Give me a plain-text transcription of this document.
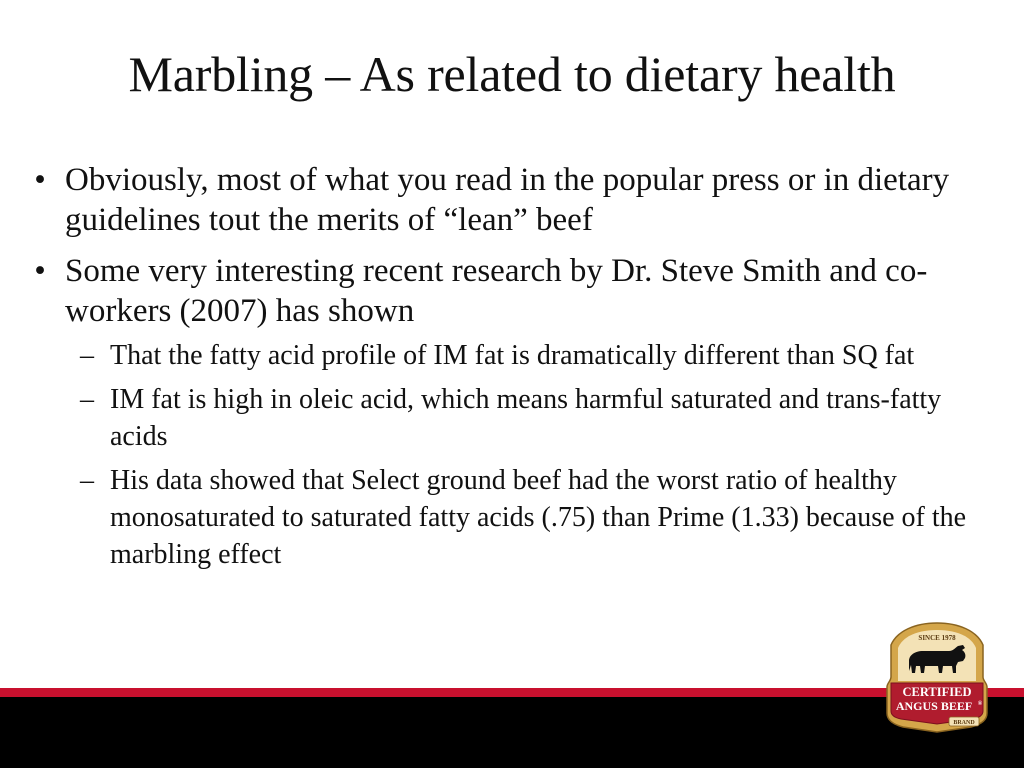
Marbling – As related to dietary health
• Obviously, most of what you read in the popular press or in dietary guidelines tout the merits of “lean” beef
• Some very interesting recent research by Dr. Steve Smith and co-workers (2007) has shown
– That the fatty acid profile of IM fat is dramatically different than SQ fat
– IM fat is high in oleic acid, which means harmful saturated and trans-fatty acids
– His data showed that Select ground beef had the worst ratio of healthy monosaturated to saturated fatty acids (.75) than Prime (1.33) because of the marbling effect
SINCE 1978
CERTIFIED
ANGUS BEEF ®
BRAND
